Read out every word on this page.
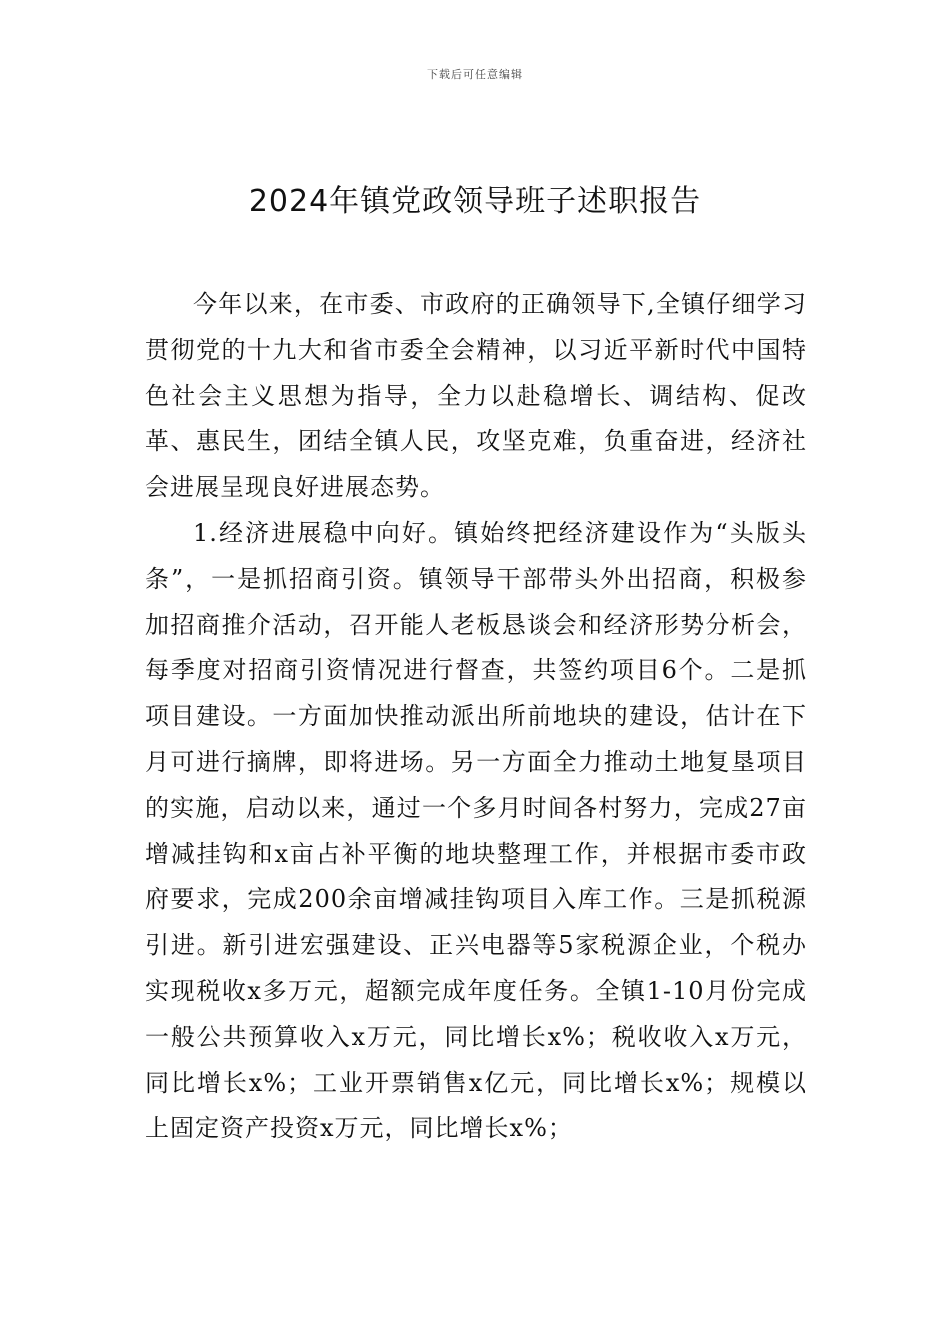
下载后可任意编辑
2024年镇党政领导班子述职报告

今年以来，在市委、市政府的正确领导下,全镇仔细学习贯彻党的十九大和省市委全会精神，以习近平新时代中国特色社会主义思想为指导，全力以赴稳增长、调结构、促改革、惠民生，团结全镇人民，攻坚克难，负重奋进，经济社会进展呈现良好进展态势。

1.经济进展稳中向好。镇始终把经济建设作为“头版头条”，一是抓招商引资。镇领导干部带头外出招商，积极参加招商推介活动，召开能人老板恳谈会和经济形势分析会，每季度对招商引资情况进行督查，共签约项目6个。二是抓项目建设。一方面加快推动派出所前地块的建设，估计在下月可进行摘牌，即将进场。另一方面全力推动土地复垦项目的实施，启动以来，通过一个多月时间各村努力，完成27亩增减挂钩和x亩占补平衡的地块整理工作，并根据市委市政府要求，完成200余亩增减挂钩项目入库工作。三是抓税源引进。新引进宏强建设、正兴电器等5家税源企业，个税办实现税收x多万元，超额完成年度任务。全镇1-10月份完成一般公共预算收入x万元，同比增长x%；税收收入x万元，同比增长x%；工业开票销售x亿元，同比增长x%；规模以上固定资产投资x万元，同比增长x%；
